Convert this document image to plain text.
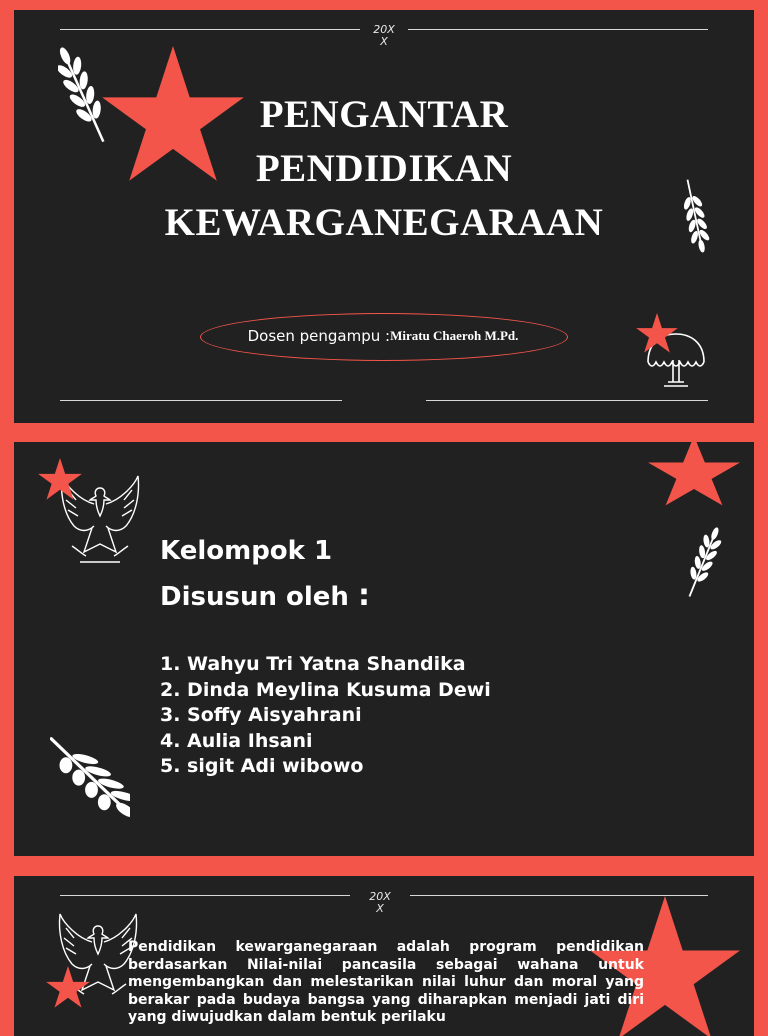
20X
X
PENGANTAR
PENDIDIKAN
KEWARGANEGARAAN
Dosen pengampu : Miratu Chaeroh M.Pd.
Kelompok 1
Disusun oleh :
1. Wahyu Tri Yatna Shandika
2. Dinda Meylina Kusuma Dewi
3. Soffy Aisyahrani
4. Aulia Ihsani
5. sigit Adi wibowo
20X
X

Pendidikan kewarganegaraan adalah program pendidikan berdasarkan Nilai-nilai pancasila sebagai wahana untuk mengembangkan dan melestarikan nilai luhur dan moral yang berakar pada budaya bangsa yang diharapkan menjadi jati diri yang diwujudkan dalam bentuk perilaku
